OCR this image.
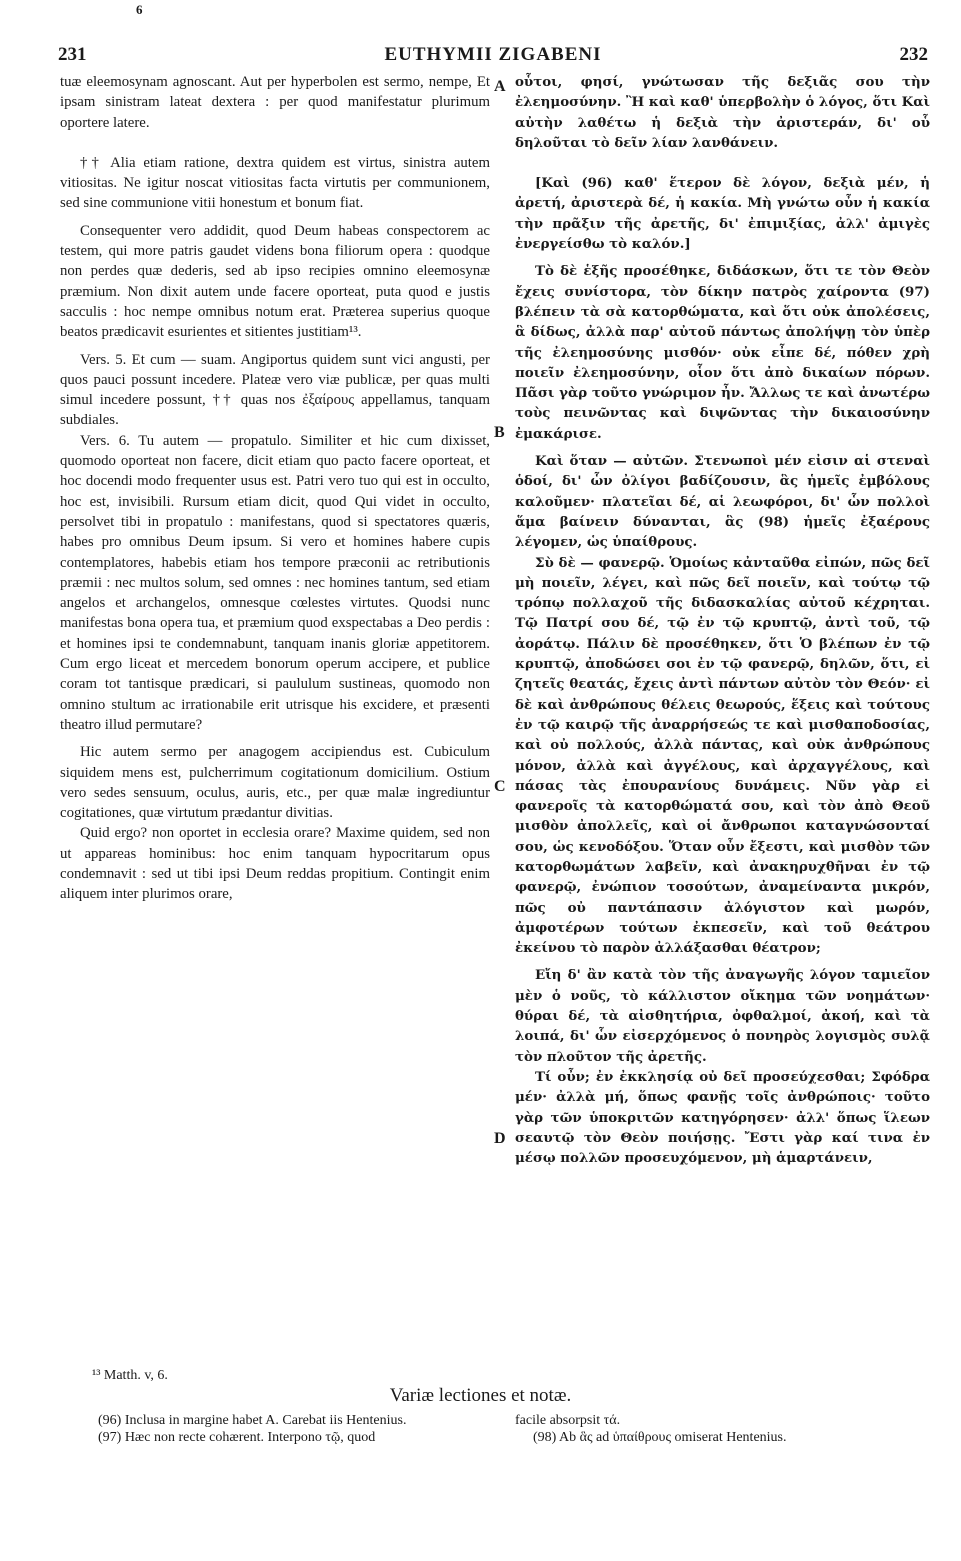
6
231	EUTHYMII ZIGABENI	232

tuæ eleemosynam agnoscant. Aut per hyperbolen est sermo, nempe, Et ipsam sinistram lateat dextera : per quod manifestatur plurimum oportere latere.

†† Alia etiam ratione, dextra quidem est virtus, sinistra autem vitiositas. Ne igitur noscat vitiositas facta virtutis per communionem, sed sine communione vitii honestum et bonum fiat.

Consequenter vero addidit, quod Deum habeas conspectorem ac testem, qui more patris gaudet videns bona filiorum opera : quodque non perdes quæ dederis, sed ab ipso recipies omnino eleemosynæ præmium. Non dixit autem unde facere oporteat, puta quod e justis sacculis : hoc nempe omnibus notum erat. Præterea superius quoque beatos prædicavit esurientes et sitientes justitiam¹³.

Vers. 5. Et cum — suam. Angiportus quidem sunt vici angusti, per quos pauci possunt incedere. Plateæ vero viæ publicæ, per quas multi simul incedere possunt, †† quas nos ἐξαίρους appellamus, tanquam subdiales.

Vers. 6. Tu autem — propatulo. Similiter et hic cum dixisset, quomodo oporteat non facere, dicit etiam quo pacto facere oporteat, et hoc docendi modo frequenter usus est. Patri vero tuo qui est in occulto, hoc est, invisibili. Rursum etiam dicit, quod Qui videt in occulto, persolvet tibi in propatulo : manifestans, quod si spectatores quæris, habes pro omnibus Deum ipsum. Si vero et homines habere cupis contemplatores, habebis etiam hos tempore præconii ac retributionis præmii : nec multos solum, sed omnes : nec homines tantum, sed etiam angelos et archangelos, omnesque cœlestes virtutes. Quodsi nunc manifestas bona opera tua, et præmium quod exspectabas a Deo perdis : et homines ipsi te condemnabunt, tanquam inanis gloriæ appetitorem. Cum ergo liceat et mercedem bonorum operum accipere, et publice coram tot tantisque prædicari, si paululum sustineas, quomodo non omnino stultum ac irrationabile erit utrisque his excidere, et præsenti theatro illud permutare?

Hic autem sermo per anagogem accipiendus est. Cubiculum siquidem mens est, pulcherrimum cogitationum domicilium. Ostium vero sedes sensuum, oculus, auris, etc., per quæ malæ ingrediuntur cogitationes, quæ virtutum prædantur divitias.

Quid ergo? non oportet in ecclesia orare? Maxime quidem, sed non ut appareas hominibus: hoc enim tanquam hypocritarum opus condemnavit : sed ut tibi ipsi Deum reddas propitium. Contingit enim aliquem inter plurimos orare,

A
B
C
D

οὗτοι, φησί, γνώτωσαν τῆς δεξιᾶς σου τὴν ἐλεημοσύνην. Ἢ καὶ καθ' ὑπερβολὴν ὁ λόγος, ὅτι Καὶ αὐτὴν λαθέτω ἡ δεξιὰ τὴν ἀριστεράν, δι' οὗ δηλοῦται τὸ δεῖν λίαν λανθάνειν.

[Καὶ (96) καθ' ἕτερον δὲ λόγον, δεξιὰ μέν, ἡ ἀρετή, ἀριστερὰ δέ, ἡ κακία. Μὴ γνώτω οὖν ἡ κακία τὴν πρᾶξιν τῆς ἀρετῆς, δι' ἐπιμιξίας, ἀλλ' ἀμιγὲς ἐνεργείσθω τὸ καλόν.]

Τὸ δὲ ἑξῆς προσέθηκε, διδάσκων, ὅτι τε τὸν Θεὸν ἔχεις συνίστορα, τὸν δίκην πατρὸς χαίροντα (97) βλέπειν τὰ σὰ κατορθώματα, καὶ ὅτι οὐκ ἀπολέσεις, ἃ δίδως, ἀλλὰ παρ' αὐτοῦ πάντως ἀπολήψῃ τὸν ὑπὲρ τῆς ἐλεημοσύνης μισθόν· οὐκ εἶπε δέ, πόθεν χρὴ ποιεῖν ἐλεημοσύνην, οἷον ὅτι ἀπὸ δικαίων πόρων. Πᾶσι γὰρ τοῦτο γνώριμον ἦν. Ἄλλως τε καὶ ἀνωτέρω τοὺς πεινῶντας καὶ διψῶντας τὴν δικαιοσύνην ἐμακάρισε.

Καὶ ὅταν — αὐτῶν. Στενωποὶ μέν εἰσιν αἱ στεναὶ ὁδοί, δι' ὧν ὀλίγοι βαδίζουσιν, ἃς ἡμεῖς ἐμβόλους καλοῦμεν· πλατεῖαι δέ, αἱ λεωφόροι, δι' ὧν πολλοὶ ἅμα βαίνειν δύνανται, ἃς (98) ἡμεῖς ἐξαέρους λέγομεν, ὡς ὑπαίθρους.

Σὺ δὲ — φανερῷ. Ὁμοίως κἀνταῦθα εἰπών, πῶς δεῖ μὴ ποιεῖν, λέγει, καὶ πῶς δεῖ ποιεῖν, καὶ τούτῳ τῷ τρόπῳ πολλαχοῦ τῆς διδασκαλίας αὐτοῦ κέχρηται. Τῷ Πατρί σου δέ, τῷ ἐν τῷ κρυπτῷ, ἀντὶ τοῦ, τῷ ἀοράτῳ. Πάλιν δὲ προσέθηκεν, ὅτι Ὁ βλέπων ἐν τῷ κρυπτῷ, ἀποδώσει σοι ἐν τῷ φανερῷ, δηλῶν, ὅτι, εἰ ζητεῖς θεατάς, ἔχεις ἀντὶ πάντων αὐτὸν τὸν Θεόν· εἰ δὲ καὶ ἀνθρώπους θέλεις θεωρούς, ἕξεις καὶ τούτους ἐν τῷ καιρῷ τῆς ἀναρρήσεώς τε καὶ μισθαποδοσίας, καὶ οὐ πολλούς, ἀλλὰ πάντας, καὶ οὐκ ἀνθρώπους μόνον, ἀλλὰ καὶ ἀγγέλους, καὶ ἀρχαγγέλους, καὶ πάσας τὰς ἐπουρανίους δυνάμεις. Νῦν γὰρ εἰ φανεροῖς τὰ κατορθώματά σου, καὶ τὸν ἀπὸ Θεοῦ μισθὸν ἀπολλεῖς, καὶ οἱ ἄνθρωποι καταγνώσονταί σου, ὡς κενοδόξου. Ὅταν οὖν ἔξεστι, καὶ μισθὸν τῶν κατορθωμάτων λαβεῖν, καὶ ἀνακηρυχθῆναι ἐν τῷ φανερῷ, ἐνώπιον τοσούτων, ἀναμείναντα μικρόν, πῶς οὐ παντάπασιν ἀλόγιστον καὶ μωρόν, ἀμφοτέρων τούτων ἐκπεσεῖν, καὶ τοῦ θεάτρου ἐκείνου τὸ παρὸν ἀλλάξασθαι θέατρον;

Εἴη δ' ἂν κατὰ τὸν τῆς ἀναγωγῆς λόγον ταμιεῖον μὲν ὁ νοῦς, τὸ κάλλιστον οἴκημα τῶν νοημάτων· θύραι δέ, τὰ αἰσθητήρια, ὀφθαλμοί, ἀκοή, καὶ τὰ λοιπά, δι' ὧν εἰσερχόμενος ὁ πονηρὸς λογισμὸς συλᾷ τὸν πλοῦτον τῆς ἀρετῆς.

Τί οὖν; ἐν ἐκκλησίᾳ οὐ δεῖ προσεύχεσθαι; Σφόδρα μέν· ἀλλὰ μή, ὅπως φανῇς τοῖς ἀνθρώποις· τοῦτο γὰρ τῶν ὑποκριτῶν κατηγόρησεν· ἀλλ' ὅπως ἵλεων σεαυτῷ τὸν Θεὸν ποιήσῃς. Ἔστι γὰρ καί τινα ἐν μέσῳ πολλῶν προσευχόμενον, μὴ ἁμαρτάνειν,

¹³ Matth. v, 6.
Variæ lectiones et notæ.

(96) Inclusa in margine habet A. Carebat iis Hentenius.

(97) Hæc non recte cohærent. Interpono τῷ, quod

facile absorpsit τά.

(98) Ab ἃς ad ὑπαίθρους omiserat Hentenius.
